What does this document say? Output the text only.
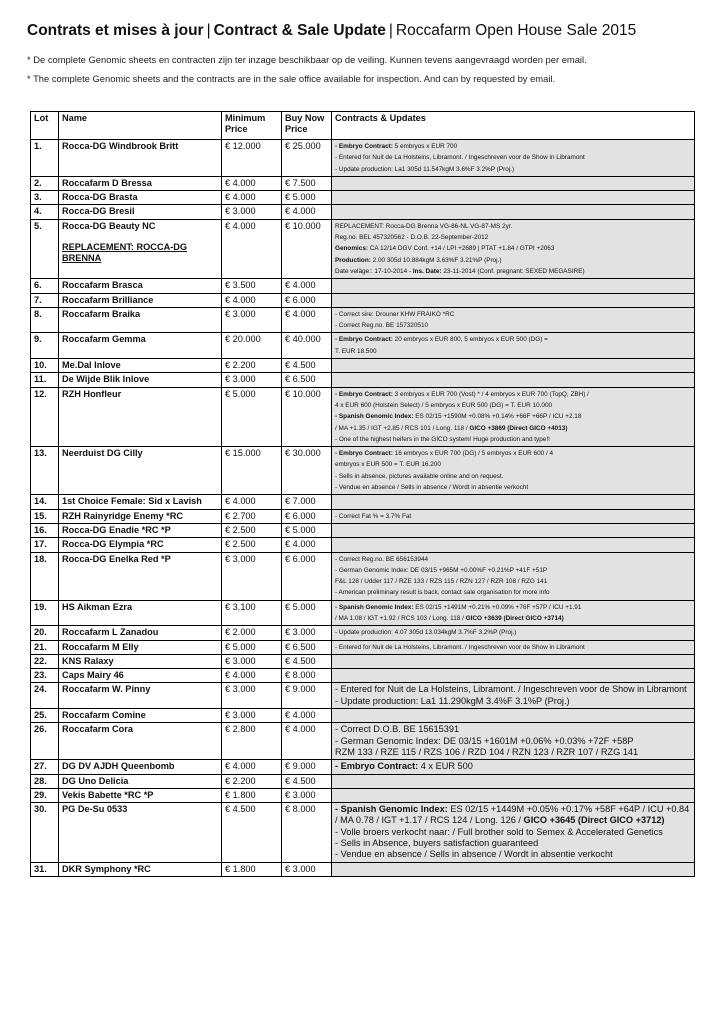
Contrats et mises à jour | Contract & Sale Update | Roccafarm Open House Sale 2015
* De complete Genomic sheets en contracten zijn ter inzage beschikbaar op de veiling. Kunnen tevens aangevraagd worden per email.
* The complete Genomic sheets and the contracts are in the sale office available for inspection. And can by requested by email.
Lot	Name	Minimum Price	Buy Now Price	Contracts & Updates
1.	Rocca-DG Windbrook Britt	€ 12.000	€ 25.000	- Embryo Contract: 5 embryos x EUR 700
- Entered for Nuit de La Holsteins, Libramont. / Ingeschreven voor de Show in Libramont
- Update production: La1 305d 11.547kgM 3.6%F 3.2%P (Proj.)

2.	Roccafarm D Bressa	€ 4.000	€ 7.500	
3.	Rocca-DG Brasta	€ 4.000	€ 5.000	
4.	Rocca-DG Bresil	€ 3.000	€ 4.000	
5.	Rocca-DG Beauty NC
REPLACEMENT: ROCCA-DG BRENNA	€ 4.000	€ 10.000	REPLACEMENT: Rocca-DG Brenna VG-86-NL VG-87-MS 2yr.
Reg.no. BEL 457320562 - D.O.B. 22-September-2012
Genomics: CA 12/14 DGV Conf. +14 / LPI +2689 | PTAT +1.84 / GTPI +2063
Production: 2.00 305d 10.884kgM 3.63%F 3.21%P (Proj.)
Date veläge:: 17-10-2014 - Ins. Date: 23-11-2014 (Conf. pregnant: SEXED MEGASIRE)

6.	Roccafarm Brasca	€ 3.500	€ 4.000	
7.	Roccafarm Brilliance	€ 4.000	€ 6.000	
8.	Roccafarm Braika	€ 3.000	€ 4.000	- Correct sire: Drouner KHW FRAIKO *RC
- Correct Reg.no. BE 157320510

9.	Roccafarm Gemma	€ 20.000	€ 40.000	- Embryo Contract: 20 embryos x EUR 800, 5 embryos x EUR 500 (DG) =
T. EUR 18.500

10.	Me.Dal Inlove	€ 2.200	€ 4.500	
11.	De Wijde Blik Inlove	€ 3.000	€ 6.500	
12.	RZH Honfleur	€ 5.000	€ 10.000	- Embryo Contract: 3 embryos x EUR 700 (Vost) * / 4 embryos x EUR 700 (TopQ, ZBH) /
4 x EUR 600 (Holstein Select) / 5 embryos x EUR 500 (DG) = T. EUR 10.000
- Spanish Genomic Index: ES 02/15 +1590M +0.08% +0.14% +66F +66P / ICU +2.18
/ MA +1.35 / IGT +2.85 / RCS 101 / Long. 118 / GICO +3869 (Direct GICO +4013)
- One of the highest heifers in the GICO system! Huge production and type!!

13.	Neerduist DG Cilly	€ 15.000	€ 30.000	- Embryo Contract: 16 embryos x EUR 700 (DG) / 5 embryos x EUR 600 / 4
embryos x EUR 500 = T. EUR 16.200
- Sells in absence, pictures available online and on request.
- Vendue en absence / Sells in absence / Wordt in absentie verkocht

14.	1st Choice Female: Sid x Lavish	€ 4.000	€ 7.000	
15.	RZH Rainyridge Enemy *RC	€ 2.700	€ 6.000	- Correct Fat % = 3.7% Fat

16.	Rocca-DG Enadie *RC *P	€ 2.500	€ 5.000	
17.	Rocca-DG Elympia *RC	€ 2.500	€ 4.000	
18.	Rocca-DG Enelka Red *P	€ 3.000	€ 6.000	- Correct Reg.no. BE 656153944
- German Genomic Index: DE 03/15 +965M +0.00%F +0.21%P +41F +51P
F&L 128 / Udder 117 / RZE 133 / RZS 115 / RZN 127 / RZR 108 / RZG 141
- American preliminary result is back, contact sale organisation for more info

19.	HS Aikman Ezra	€ 3.100	€ 5.000	- Spanish Genomic Index: ES 02/15 +1491M +0.21% +0.09% +76F +57P / ICU +1.91
/ MA 1.08 / IGT +1.92 / RCS 103 / Long. 118 / GICO +3639 (Direct GICO +3714)

20.	Roccafarm L Zanadou	€ 2.000	€ 3.000	- Update production: 4.07 305d 13.034kgM 3.7%F 3.2%P (Proj.)

21.	Roccafarm M Elly	€ 5.000	€ 6.500	- Entered for Nuit de La Holsteins, Libramont. / Ingeschreven voor de Show in Libramont

22.	KNS Ralaxy	€ 3.000	€ 4.500	
23.	Caps Mairy 46	€ 4.000	€ 8.000	
24.	Roccafarm W. Pinny	€ 3.000	€ 9.000	- Entered for Nuit de La Holsteins, Libramont. / Ingeschreven voor de Show in Libramont
- Update production: La1 11.290kgM 3.4%F 3.1%P (Proj.)

25.	Roccafarm Comine	€ 3.000	€ 4.000	
26.	Roccafarm Cora	€ 2.800	€ 4.000	- Correct D.O.B. BE 15615391
- German Genomic Index: DE 03/15 +1601M +0.06% +0.03% +72F +58P
RZM 133 / RZE 115 / RZS 106 / RZD 104 / RZN 123 / RZR 107 / RZG 141

27.	DG DV AJDH Queenbomb	€ 4.000	€ 9.000	- Embryo Contract: 4 x EUR 500

28.	DG Uno Delicia	€ 2.200	€ 4.500	
29.	Vekis Babette *RC *P	€ 1.800	€ 3.000	
30.	PG De-Su 0533	€ 4.500	€ 8.000	- Spanish Genomic Index: ES 02/15 +1449M +0.05% +0.17% +58F +64P / ICU +0.84
/ MA 0.78 / IGT +1.17 / RCS 124 / Long. 126 / GICO +3645 (Direct GICO +3712)
- Volle broers verkocht naar: / Full brother sold to Semex & Accelerated Genetics
- Sells in Absence, buyers satisfaction guaranteed
- Vendue en absence / Sells in absence / Wordt in absentie verkocht

31.	DKR Symphony *RC	€ 1.800	€ 3.000	
